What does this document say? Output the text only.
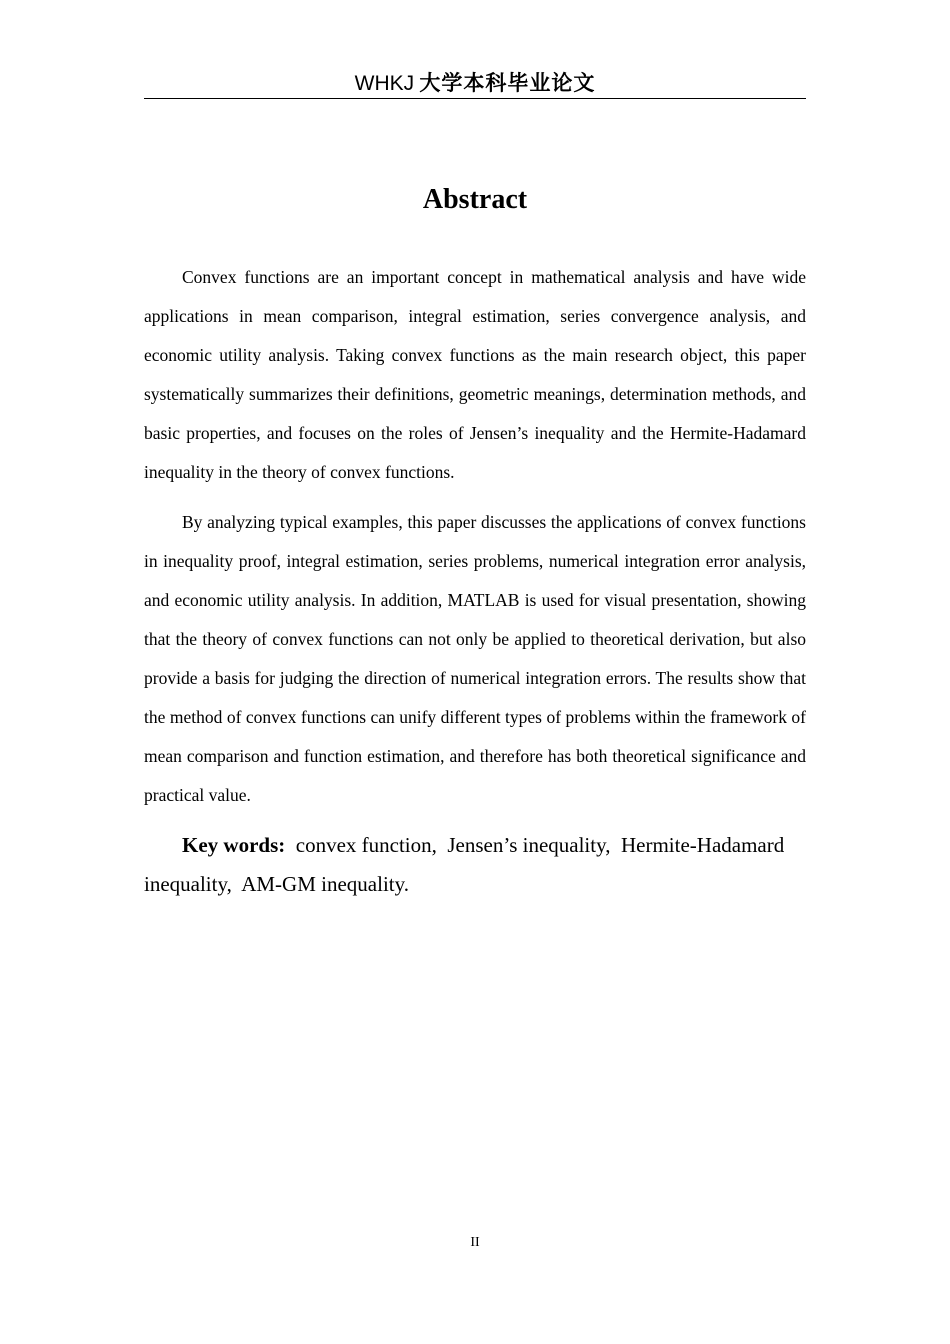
WHKJ 大学本科毕业论文
Abstract

Convex functions are an important concept in mathematical analysis and have wide applications in mean comparison, integral estimation, series convergence analysis, and economic utility analysis. Taking convex functions as the main research object, this paper systematically summarizes their definitions, geometric meanings, determination methods, and basic properties, and focuses on the roles of Jensen’s inequality and the Hermite-Hadamard inequality in the theory of convex functions.

By analyzing typical examples, this paper discusses the applications of convex functions in inequality proof, integral estimation, series problems, numerical integration error analysis, and economic utility analysis. In addition, MATLAB is used for visual presentation, showing that the theory of convex functions can not only be applied to theoretical derivation, but also provide a basis for judging the direction of numerical integration errors. The results show that the method of convex functions can unify different types of problems within the framework of mean comparison and function estimation, and therefore has both theoretical significance and practical value.

Key words: convex function, Jensen’s inequality, Hermite-Hadamard inequality, AM-GM inequality.

II
